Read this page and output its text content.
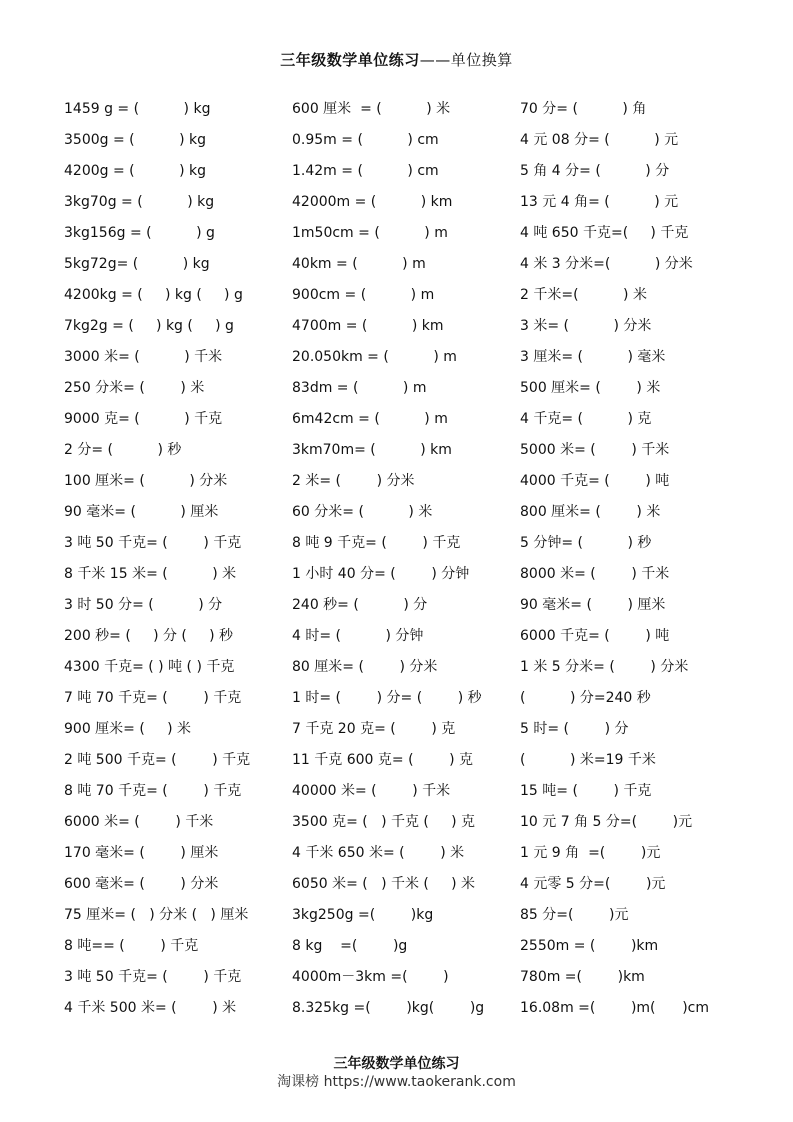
三年级数学单位练习——单位换算
1459 g = (          ) kg	600 厘米  = (          ) 米	70 分= (          ) 角
3500g = (          ) kg	0.95m = (          ) cm	4 元 08 分= (          ) 元
4200g = (          ) kg	1.42m = (          ) cm	5 角 4 分= (          ) 分
3kg70g = (          ) kg	42000m = (          ) km	13 元 4 角= (          ) 元
3kg156g = (          ) g	1m50cm = (          ) m	4 吨 650 千克=(     ) 千克
5kg72g= (          ) kg	40km = (          ) m	4 米 3 分米=(          ) 分米
4200kg = (     ) kg (     ) g	900cm = (          ) m	2 千米=(          ) 米
7kg2g = (     ) kg (     ) g	4700m = (          ) km	3 米= (          ) 分米
3000 米= (          ) 千米	20.050km = (          ) m	3 厘米= (          ) 毫米
250 分米= (        ) 米	83dm = (          ) m	500 厘米= (        ) 米
9000 克= (          ) 千克	6m42cm = (          ) m	4 千克= (          ) 克
2 分= (          ) 秒	3km70m= (          ) km	5000 米= (        ) 千米
100 厘米= (          ) 分米	2 米= (        ) 分米	4000 千克= (        ) 吨
90 毫米= (          ) 厘米	60 分米= (          ) 米	800 厘米= (        ) 米
3 吨 50 千克= (        ) 千克	8 吨 9 千克= (        ) 千克	5 分钟= (          ) 秒
8 千米 15 米= (          ) 米	1 小时 40 分= (        ) 分钟	8000 米= (        ) 千米
3 时 50 分= (          ) 分	240 秒= (          ) 分	90 毫米= (        ) 厘米
200 秒= (     ) 分 (     ) 秒	4 时= (          ) 分钟	6000 千克= (        ) 吨
4300 千克= ( ) 吨 ( ) 千克	80 厘米= (        ) 分米	1 米 5 分米= (        ) 分米
7 吨 70 千克= (        ) 千克	1 时= (        ) 分= (        ) 秒	(          ) 分=240 秒
900 厘米= (     ) 米	7 千克 20 克= (        ) 克	5 时= (        ) 分
2 吨 500 千克= (        ) 千克	11 千克 600 克= (        ) 克	(          ) 米=19 千米
8 吨 70 千克= (        ) 千克	40000 米= (        ) 千米	15 吨= (        ) 千克
6000 米= (        ) 千米	3500 克= (   ) 千克 (     ) 克	10 元 7 角 5 分=(        )元
170 毫米= (        ) 厘米	4 千米 650 米= (        ) 米	1 元 9 角  =(        )元
600 毫米= (        ) 分米	6050 米= (   ) 千米 (     ) 米	4 元零 5 分=(        )元
75 厘米= (   ) 分米 (   ) 厘米	3kg250g =(        )kg	85 分=(        )元
8 吨== (        ) 千克	8 kg    =(        )g	2550m = (        )km
3 吨 50 千克= (        ) 千克	4000m－3km =(        )	780m =(        )km
4 千米 500 米= (        ) 米	8.325kg =(        )kg(        )g	16.08m =(        )m(      )cm
三年级数学单位练习
淘课榜 https://www.taokerank.com
